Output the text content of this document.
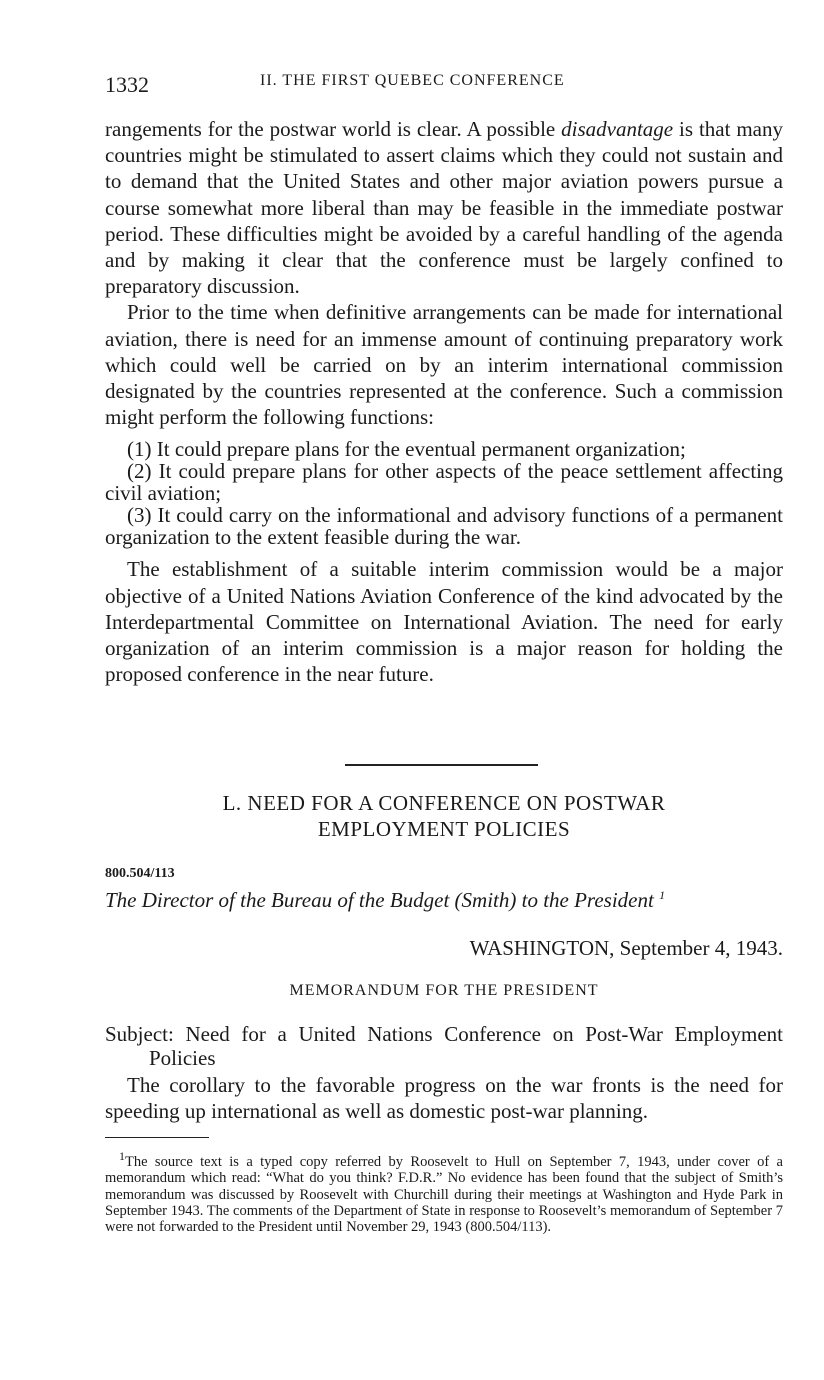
1332	II. THE FIRST QUEBEC CONFERENCE

rangements for the postwar world is clear. A possible disadvantage is that many countries might be stimulated to assert claims which they could not sustain and to demand that the United States and other major aviation powers pursue a course somewhat more liberal than may be feasible in the immediate postwar period. These difficulties might be avoided by a careful handling of the agenda and by making it clear that the conference must be largely confined to preparatory discussion.

Prior to the time when definitive arrangements can be made for international aviation, there is need for an immense amount of continuing preparatory work which could well be carried on by an interim international commission designated by the countries represented at the conference. Such a commission might perform the following functions:

(1) It could prepare plans for the eventual permanent organization;

(2) It could prepare plans for other aspects of the peace settlement affecting civil aviation;

(3) It could carry on the informational and advisory functions of a permanent organization to the extent feasible during the war.

The establishment of a suitable interim commission would be a major objective of a United Nations Aviation Conference of the kind advocated by the Interdepartmental Committee on International Aviation. The need for early organization of an interim commission is a major reason for holding the proposed conference in the near future.

L. NEED FOR A CONFERENCE ON POSTWAR
EMPLOYMENT POLICIES
800.504/113
The Director of the Bureau of the Budget (Smith) to the President $^1$
WASHINGTON, September 4, 1943.
MEMORANDUM FOR THE PRESIDENT
Subject: Need for a United Nations Conference on Post-War Employment Policies
The corollary to the favorable progress on the war fronts is the need for speeding up international as well as domestic post-war planning.
$^1$The source text is a typed copy referred by Roosevelt to Hull on September 7, 1943, under cover of a memorandum which read: “What do you think? F.D.R.” No evidence has been found that the subject of Smith’s memorandum was discussed by Roosevelt with Churchill during their meetings at Washington and Hyde Park in September 1943. The comments of the Department of State in response to Roosevelt’s memorandum of September 7 were not forwarded to the President until November 29, 1943 (800.504/113).
